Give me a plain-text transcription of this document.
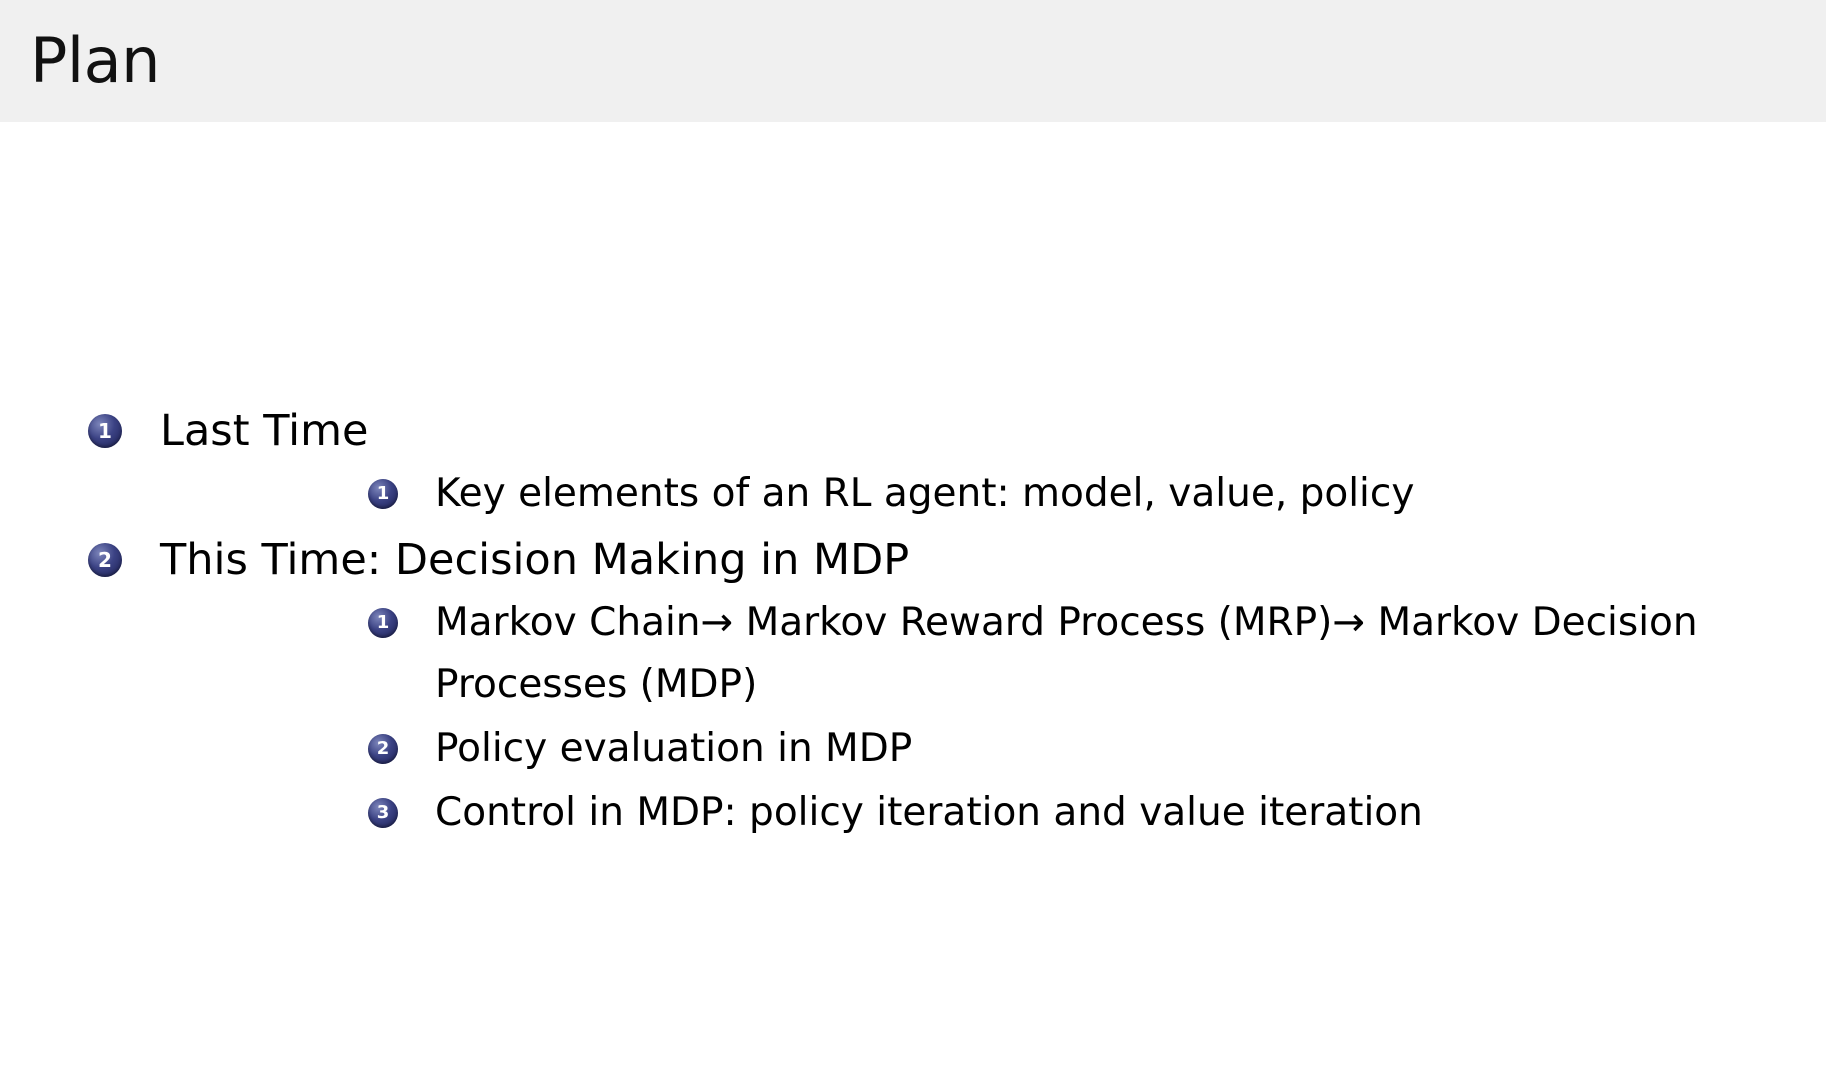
Plan
1 Last Time
1 Key elements of an RL agent: model, value, policy
2 This Time: Decision Making in MDP
1 Markov Chain→ Markov Reward Process (MRP)→ Markov Decision Processes (MDP)
2 Policy evaluation in MDP
3 Control in MDP: policy iteration and value iteration
